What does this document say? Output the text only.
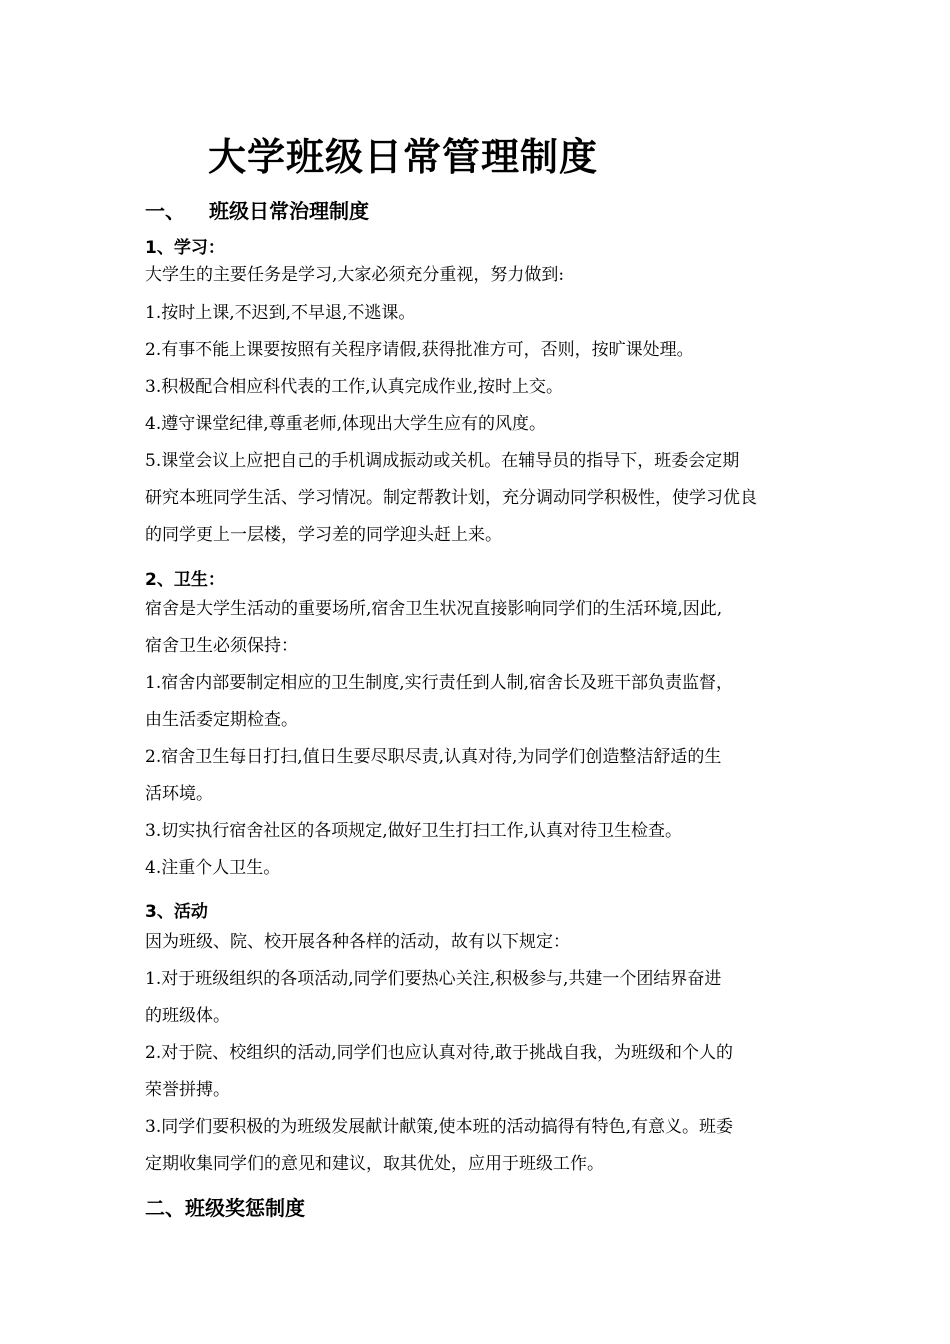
大学班级日常管理制度
一、 班级日常治理制度
1、学习：
大学生的主要任务是学习,大家必须充分重视，努力做到:
1.按时上课,不迟到,不早退,不逃课。
2.有事不能上课要按照有关程序请假,获得批准方可，否则，按旷课处理。
3.积极配合相应科代表的工作,认真完成作业,按时上交。
4.遵守课堂纪律,尊重老师,体现出大学生应有的风度。
5.课堂会议上应把自己的手机调成振动或关机。在辅导员的指导下，班委会定期
研究本班同学生活、学习情况。制定帮教计划，充分调动同学积极性，使学习优良
的同学更上一层楼，学习差的同学迎头赶上来。
2、卫生：
宿舍是大学生活动的重要场所,宿舍卫生状况直接影响同学们的生活环境,因此,
宿舍卫生必须保持：
1.宿舍内部要制定相应的卫生制度,实行责任到人制,宿舍长及班干部负责监督，
由生活委定期检查。
2.宿舍卫生每日打扫,值日生要尽职尽责,认真对待,为同学们创造整洁舒适的生
活环境。
3.切实执行宿舍社区的各项规定,做好卫生打扫工作,认真对待卫生检查。
4.注重个人卫生。
3、活动
因为班级、院、校开展各种各样的活动，故有以下规定：
1.对于班级组织的各项活动,同学们要热心关注,积极参与,共建一个团结界奋进
的班级体。
2.对于院、校组织的活动,同学们也应认真对待,敢于挑战自我，为班级和个人的
荣誉拼搏。
3.同学们要积极的为班级发展献计献策,使本班的活动搞得有特色,有意义。班委
定期收集同学们的意见和建议，取其优处，应用于班级工作。
二、班级奖惩制度
